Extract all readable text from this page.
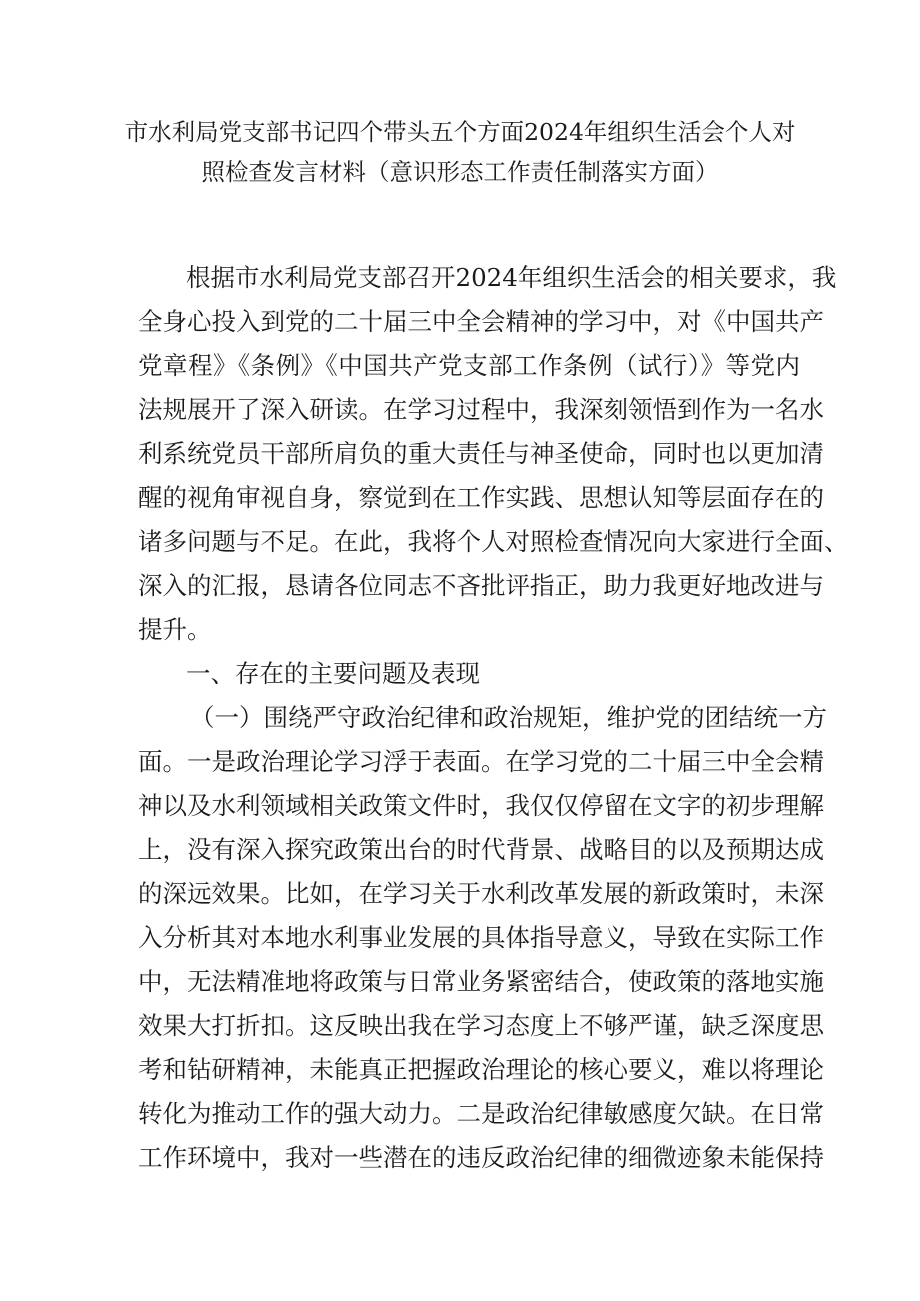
市水利局党支部书记四个带头五个方面2024年组织生活会个人对
照检查发言材料（意识形态工作责任制落实方面）
根据市水利局党支部召开2024年组织生活会的相关要求，我
全身心投入到党的二十届三中全会精神的学习中，对《中国共产
党章程》《条例》《中国共产党支部工作条例（试行）》等党内
法规展开了深入研读。在学习过程中，我深刻领悟到作为一名水
利系统党员干部所肩负的重大责任与神圣使命，同时也以更加清
醒的视角审视自身，察觉到在工作实践、思想认知等层面存在的
诸多问题与不足。在此，我将个人对照检查情况向大家进行全面、
深入的汇报，恳请各位同志不吝批评指正，助力我更好地改进与
提升。
一、存在的主要问题及表现
（一）围绕严守政治纪律和政治规矩，维护党的团结统一方
面。一是政治理论学习浮于表面。在学习党的二十届三中全会精
神以及水利领域相关政策文件时，我仅仅停留在文字的初步理解
上，没有深入探究政策出台的时代背景、战略目的以及预期达成
的深远效果。比如，在学习关于水利改革发展的新政策时，未深
入分析其对本地水利事业发展的具体指导意义，导致在实际工作
中，无法精准地将政策与日常业务紧密结合，使政策的落地实施
效果大打折扣。这反映出我在学习态度上不够严谨，缺乏深度思
考和钻研精神，未能真正把握政治理论的核心要义，难以将理论
转化为推动工作的强大动力。二是政治纪律敏感度欠缺。在日常
工作环境中，我对一些潜在的违反政治纪律的细微迹象未能保持
